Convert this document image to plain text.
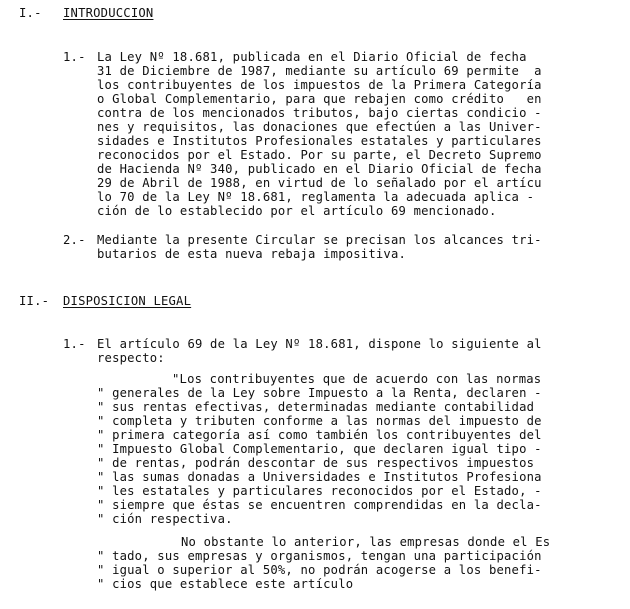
I.- INTRODUCCION
1.- La Ley Nº 18.681, publicada en el Diario Oficial de fecha
31 de Diciembre de 1987, mediante su artículo 69 permite  a
los contribuyentes de los impuestos de la Primera Categoría
o Global Complementario, para que rebajen como crédito   en
contra de los mencionados tributos, bajo ciertas condicio -
nes y requisitos, las donaciones que efectúen a las Univer-
sidades e Institutos Profesionales estatales y particulares
reconocidos por el Estado. Por su parte, el Decreto Supremo
de Hacienda Nº 340, publicado en el Diario Oficial de fecha
29 de Abril de 1988, en virtud de lo señalado por el artícu
lo 70 de la Ley Nº 18.681, reglamenta la adecuada aplica -
ción de lo establecido por el artículo 69 mencionado.
2.- Mediante la presente Circular se precisan los alcances tri-
butarios de esta nueva rebaja impositiva.
II.- DISPOSICION LEGAL
1.- El artículo 69 de la Ley Nº 18.681, dispone lo siguiente al
respecto:
"Los contribuyentes que de acuerdo con las normas
" generales de la Ley sobre Impuesto a la Renta, declaren -
" sus rentas efectivas, determinadas mediante contabilidad
" completa y tributen conforme a las normas del impuesto de
" primera categoría así como también los contribuyentes del
" Impuesto Global Complementario, que declaren igual tipo -
" de rentas, podrán descontar de sus respectivos impuestos
" las sumas donadas a Universidades e Institutos Profesiona
" les estatales y particulares reconocidos por el Estado, -
" siempre que éstas se encuentren comprendidas en la decla-
" ción respectiva.
No obstante lo anterior, las empresas donde el Es
" tado, sus empresas y organismos, tengan una participación
" igual o superior al 50%, no podrán acogerse a los benefi-
" cios que establece este artículo
